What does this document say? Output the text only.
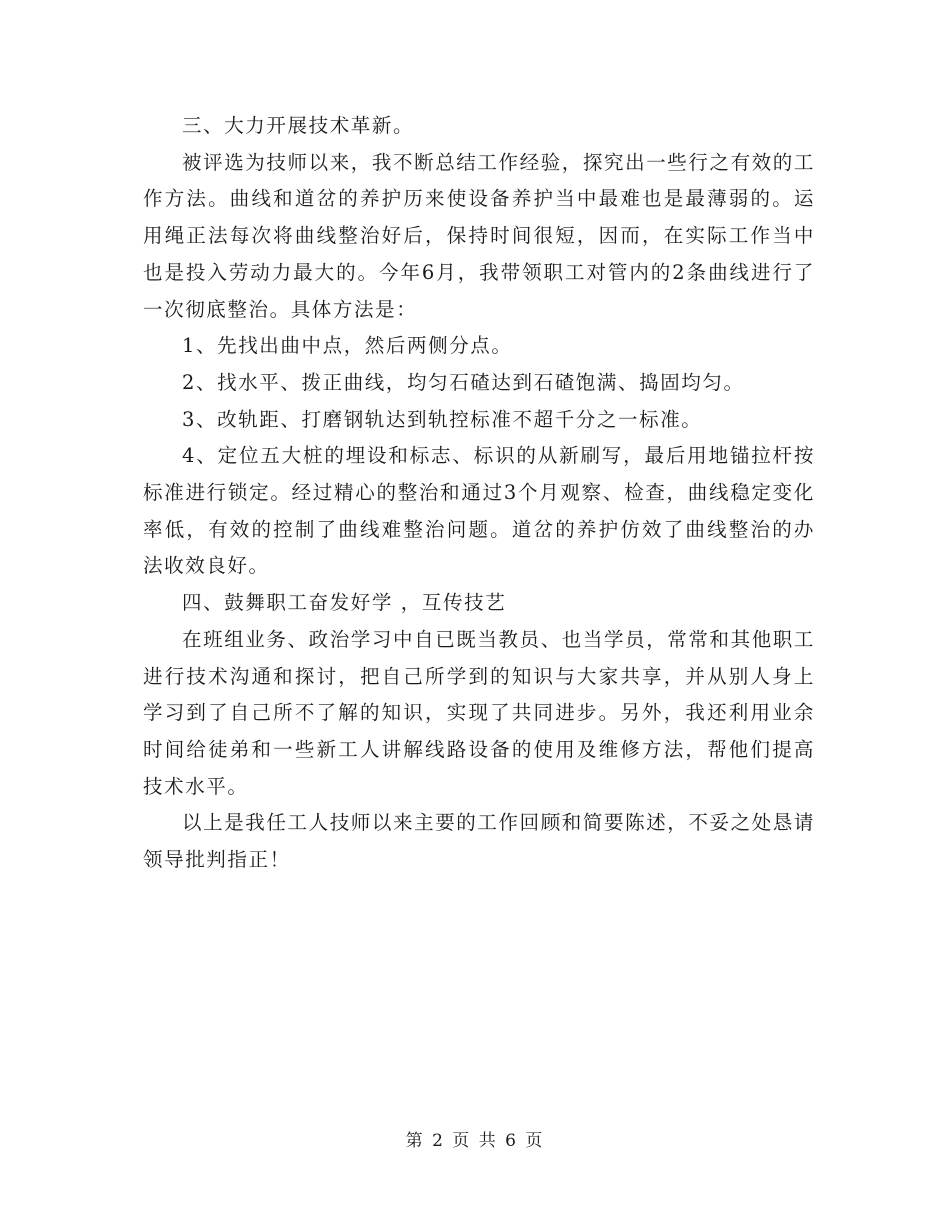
三、大力开展技术革新。

被评选为技师以来，我不断总结工作经验，探究出一些行之有效的工作方法。曲线和道岔的养护历来使设备养护当中最难也是最薄弱的。运用绳正法每次将曲线整治好后，保持时间很短，因而，在实际工作当中也是投入劳动力最大的。今年6月，我带领职工对管内的2条曲线进行了一次彻底整治。具体方法是：

1、先找出曲中点，然后两侧分点。

2、找水平、拨正曲线，均匀石碴达到石碴饱满、捣固均匀。

3、改轨距、打磨钢轨达到轨控标准不超千分之一标准。

4、定位五大桩的埋设和标志、标识的从新刷写，最后用地锚拉杆按标准进行锁定。经过精心的整治和通过3个月观察、检查，曲线稳定变化率低，有效的控制了曲线难整治问题。道岔的养护仿效了曲线整治的办法收效良好。

四、鼓舞职工奋发好学 ，互传技艺

在班组业务、政治学习中自已既当教员、也当学员，常常和其他职工进行技术沟通和探讨，把自己所学到的知识与大家共享，并从别人身上学习到了自己所不了解的知识，实现了共同进步。另外，我还利用业余时间给徒弟和一些新工人讲解线路设备的使用及维修方法，帮他们提高技术水平。

以上是我任工人技师以来主要的工作回顾和简要陈述，不妥之处恳请领导批判指正！

第 2 页 共 6 页
